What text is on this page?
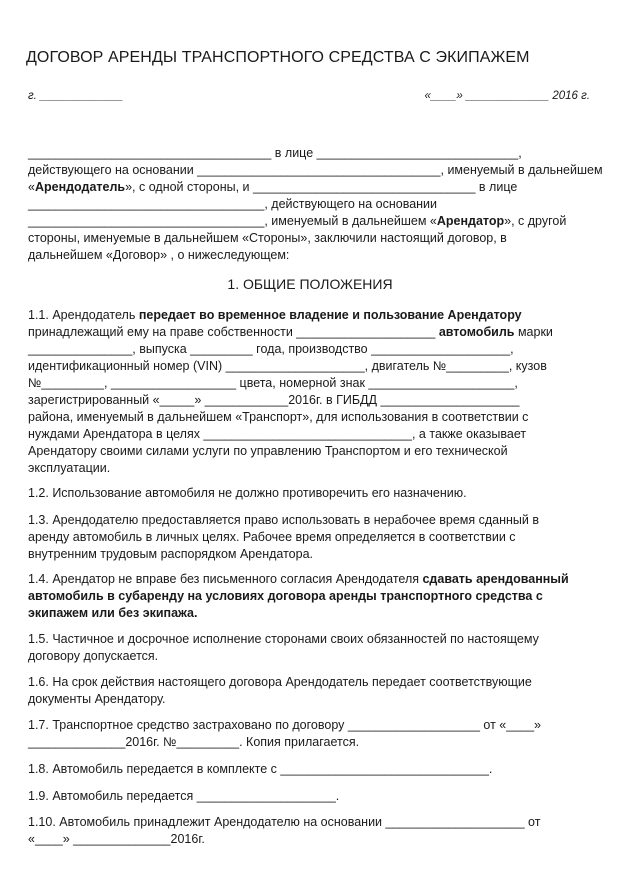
ДОГОВОР АРЕНДЫ ТРАНСПОРТНОГО СРЕДСТВА С ЭКИПАЖЕМ
г. _____________	«____» _____________ 2016 г.
___________________________________ в лице _____________________________,
действующего на основании ___________________________________, именуемый в дальнейшем
«Арендодатель», с одной стороны, и ________________________________ в лице
__________________________________, действующего на основании
__________________________________, именуемый в дальнейшем «Арендатор», с другой
стороны, именуемые в дальнейшем «Стороны», заключили настоящий договор, в
дальнейшем «Договор» , о нижеследующем:
1. ОБЩИЕ ПОЛОЖЕНИЯ
1.1. Арендодатель передает во временное владение и пользование Арендатору
принадлежащий ему на праве собственности ____________________ автомобиль марки
_______________, выпуска _________ года, производство ____________________,
идентификационный номер (VIN) ____________________, двигатель №_________, кузов
№_________, __________________ цвета, номерной знак _____________________,
зарегистрированный «_____» ____________2016г. в ГИБДД ____________________
района, именуемый в дальнейшем «Транспорт», для использования в соответствии с
нуждами Арендатора в целях ______________________________, а также оказывает
Арендатору своими силами услуги по управлению Транспортом и его технической
эксплуатации.
1.2. Использование автомобиля не должно противоречить его назначению.
1.3. Арендодателю предоставляется право использовать в нерабочее время сданный в
аренду автомобиль в личных целях. Рабочее время определяется в соответствии с
внутренним трудовым распорядком Арендатора.
1.4. Арендатор не вправе без письменного согласия Арендодателя сдавать арендованный
автомобиль в субаренду на условиях договора аренды транспортного средства с
экипажем или без экипажа.
1.5. Частичное и досрочное исполнение сторонами своих обязанностей по настоящему
договору допускается.
1.6. На срок действия настоящего договора Арендодатель передает соответствующие
документы Арендатору.
1.7. Транспортное средство застраховано по договору ___________________ от «____»
______________2016г. №_________. Копия прилагается.
1.8. Автомобиль передается в комплекте с ______________________________.
1.9. Автомобиль передается ____________________.
1.10. Автомобиль принадлежит Арендодателю на основании ____________________ от
«____» ______________2016г.
